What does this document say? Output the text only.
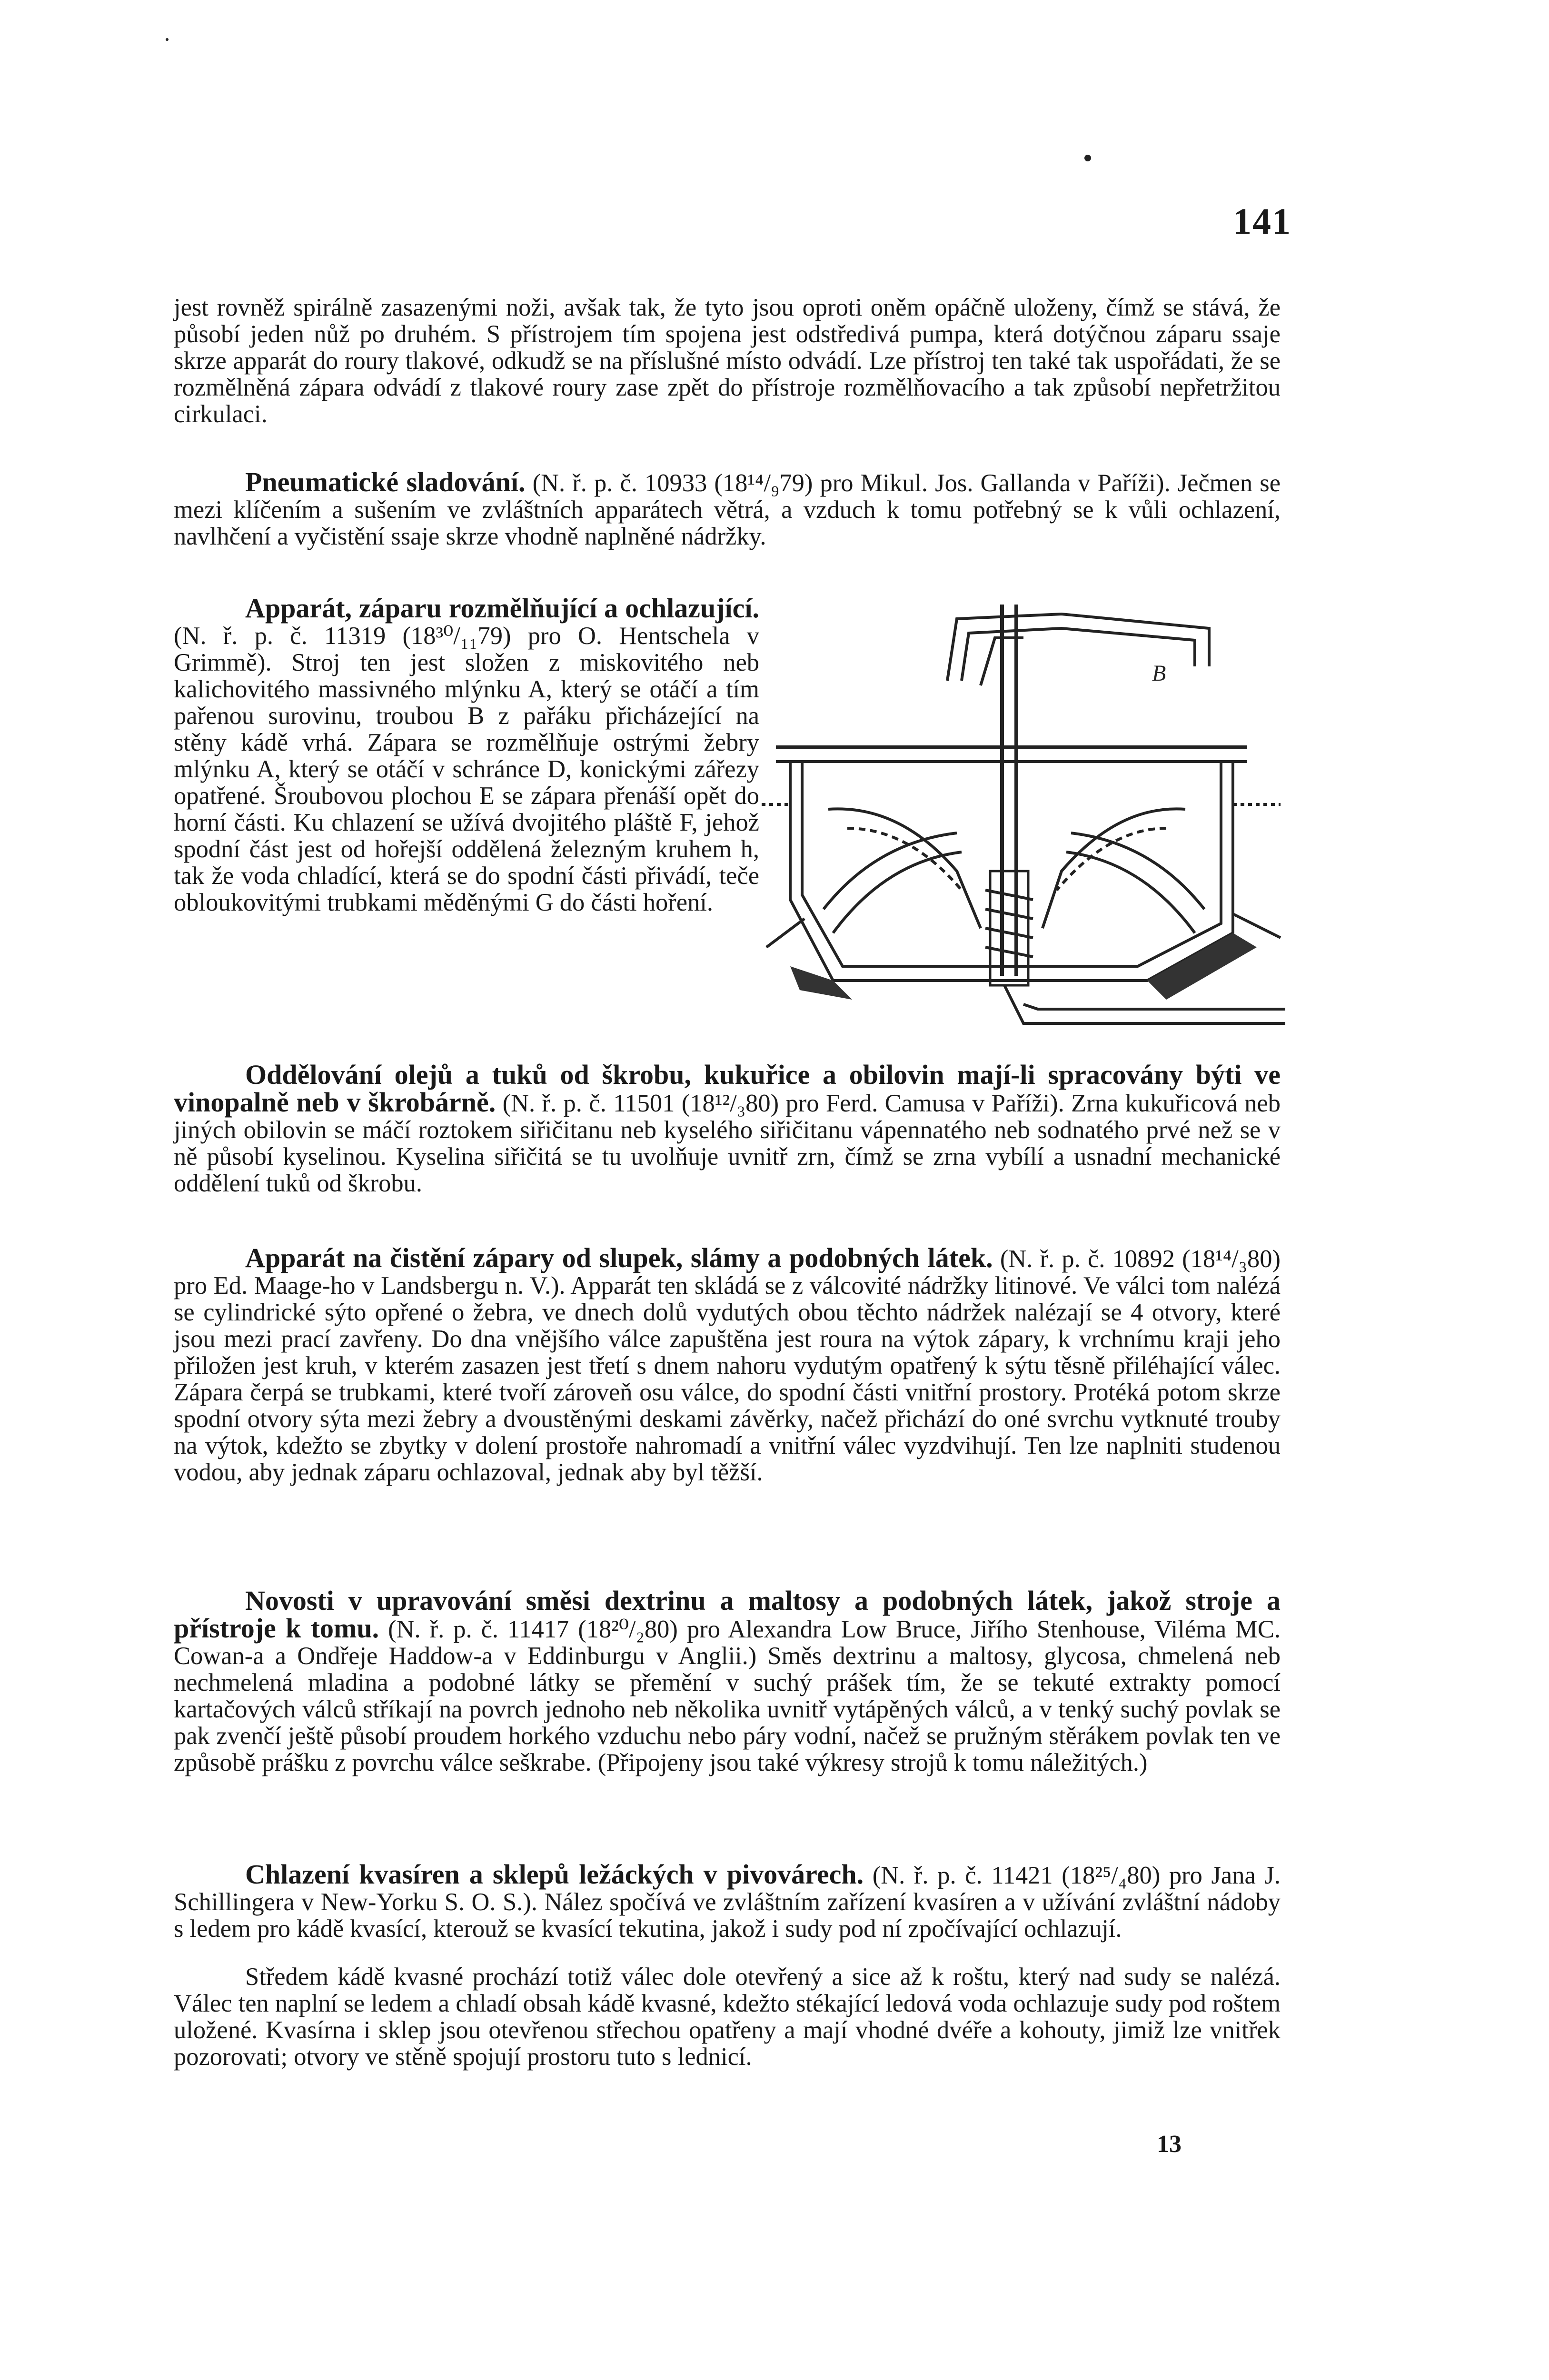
141

jest rovněž spirálně zasazenými noži, avšak tak, že tyto jsou oproti oněm opáčně uloženy, čímž se stává, že působí jeden nůž po druhém. S přístrojem tím spojena jest odstředivá pumpa, která dotýčnou záparu ssaje skrze apparát do roury tlakové, odkudž se na příslušné místo odvádí. Lze přístroj ten také tak uspořádati, že se rozmělněná zápara odvádí z tlakové roury zase zpět do přístroje rozmělňovacího a tak způsobí nepřetržitou cirkulaci.

Pneumatické sladování. (N. ř. p. č. 10933 (18¹⁴/₉79) pro Mikul. Jos. Gallanda v Paříži). Ječmen se mezi klíčením a sušením ve zvláštních apparátech větrá, a vzduch k tomu potřebný se k vůli ochlazení, navlhčení a vyčistění ssaje skrze vhodně naplněné nádržky.

Apparát, záparu rozmělňující a ochlazující. (N. ř. p. č. 11319 (18³⁰/₁₁79) pro O. Hentschela v Grimmě). Stroj ten jest složen z miskovitého neb kalichovitého massivného mlýnku A, který se otáčí a tím pařenou surovinu, troubou B z pařáku přicházející na stěny kádě vrhá. Zápara se rozmělňuje ostrými žebry mlýnku A, který se otáčí v schránce D, konickými zářezy opatřené. Šroubovou plochou E se zápara přenáší opět do horní části. Ku chlazení se užívá dvojitého pláště F, jehož spodní část jest od hořejší oddělená železným kruhem h, tak že voda chladící, která se do spodní části přivádí, teče obloukovitými trubkami měděnými G do části hoření.

B

Oddělování olejů a tuků od škrobu, kukuřice a obilovin mají-li spracovány býti ve vinopalně neb v škrobárně. (N. ř. p. č. 11501 (18¹²/₃80) pro Ferd. Camusa v Paříži). Zrna kukuřicová neb jiných obilovin se máčí roztokem siřičitanu neb kyselého siřičitanu vápennatého neb sodnatého prvé než se v ně působí kyselinou. Kyselina siřičitá se tu uvolňuje uvnitř zrn, čímž se zrna vybílí a usnadní mechanické oddělení tuků od škrobu.

Apparát na čistění zápary od slupek, slámy a podobných látek. (N. ř. p. č. 10892 (18¹⁴/₃80) pro Ed. Maage-ho v Landsbergu n. V.). Apparát ten skládá se z válcovité nádržky litinové. Ve válci tom nalézá se cylindrické sýto opřené o žebra, ve dnech dolů vydutých obou těchto nádržek nalézají se 4 otvory, které jsou mezi prací zavřeny. Do dna vnějšího válce zapuštěna jest roura na výtok zápary, k vrchnímu kraji jeho přiložen jest kruh, v kterém zasazen jest třetí s dnem nahoru vydutým opatřený k sýtu těsně přiléhající válec. Zápara čerpá se trubkami, které tvoří zároveň osu válce, do spodní části vnitřní prostory. Protéká potom skrze spodní otvory sýta mezi žebry a dvoustěnými deskami závěrky, načež přichází do oné svrchu vytknuté trouby na výtok, kdežto se zbytky v dolení prostoře nahromadí a vnitřní válec vyzdvihují. Ten lze naplniti studenou vodou, aby jednak záparu ochlazoval, jednak aby byl těžší.

Novosti v upravování směsi dextrinu a maltosy a podobných látek, jakož stroje a přístroje k tomu. (N. ř. p. č. 11417 (18²⁰/₂80) pro Alexandra Low Bruce, Jiřího Stenhouse, Viléma MC. Cowan-a a Ondřeje Haddow-a v Eddinburgu v Anglii.) Směs dextrinu a maltosy, glycosa, chmelená neb nechmelená mladina a podobné látky se přemění v suchý prášek tím, že se tekuté extrakty pomocí kartačových válců stříkají na povrch jednoho neb několika uvnitř vytápěných válců, a v tenký suchý povlak se pak zvenčí ještě působí proudem horkého vzduchu nebo páry vodní, načež se pružným stěrákem povlak ten ve způsobě prášku z povrchu válce seškrabe. (Připojeny jsou také výkresy strojů k tomu náležitých.)

Chlazení kvasíren a sklepů ležáckých v pivovárech. (N. ř. p. č. 11421 (18²⁵/₄80) pro Jana J. Schillingera v New-Yorku S. O. S.). Nález spočívá ve zvláštním zařízení kvasíren a v užívání zvláštní nádoby s ledem pro kádě kvasící, kterouž se kvasící tekutina, jakož i sudy pod ní zpočívající ochlazují.

Středem kádě kvasné prochází totiž válec dole otevřený a sice až k roštu, který nad sudy se nalézá. Válec ten naplní se ledem a chladí obsah kádě kvasné, kdežto stékající ledová voda ochlazuje sudy pod roštem uložené. Kvasírna i sklep jsou otevřenou střechou opatřeny a mají vhodné dvéře a kohouty, jimiž lze vnitřek pozorovati; otvory ve stěně spojují prostoru tuto s lednicí.

13
